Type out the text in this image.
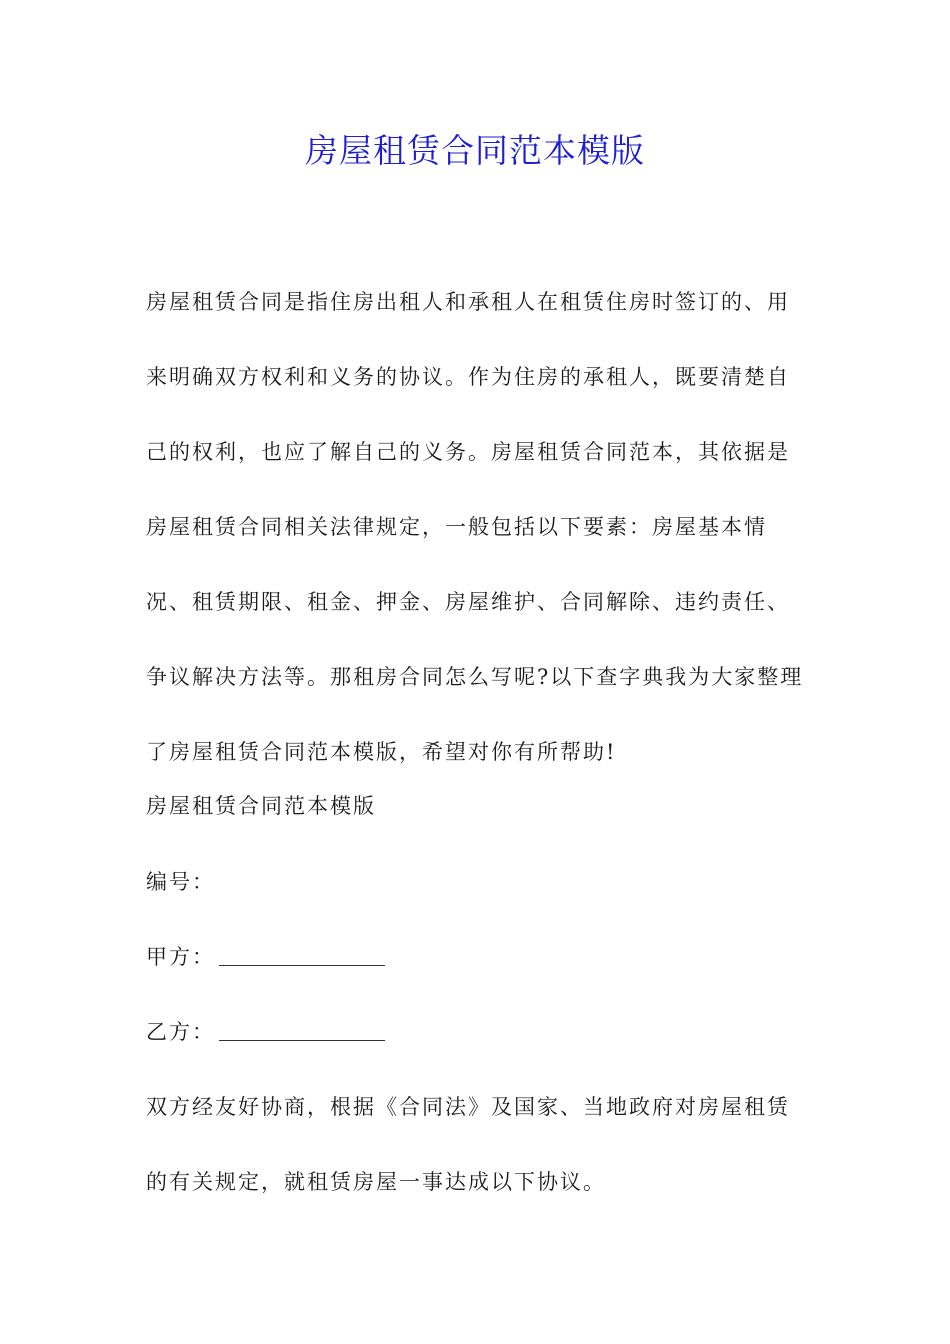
房屋租赁合同范本模版
房屋租赁合同是指住房出租人和承租人在租赁住房时签订的、用来明确双方权利和义务的协议。作为住房的承租人，既要清楚自己的权利，也应了解自己的义务。房屋租赁合同范本，其依据是房屋租赁合同相关法律规定，一般包括以下要素：房屋基本情况、租赁期限、租金、押金、房屋维护、合同解除、违约责任、争议解决方法等。那租房合同怎么写呢?以下查字典我为大家整理了房屋租赁合同范本模版，希望对你有所帮助!
房屋租赁合同范本模版
编号：
甲方：
乙方：
双方经友好协商，根据《合同法》及国家、当地政府对房屋租赁的有关规定，就租赁房屋一事达成以下协议。
